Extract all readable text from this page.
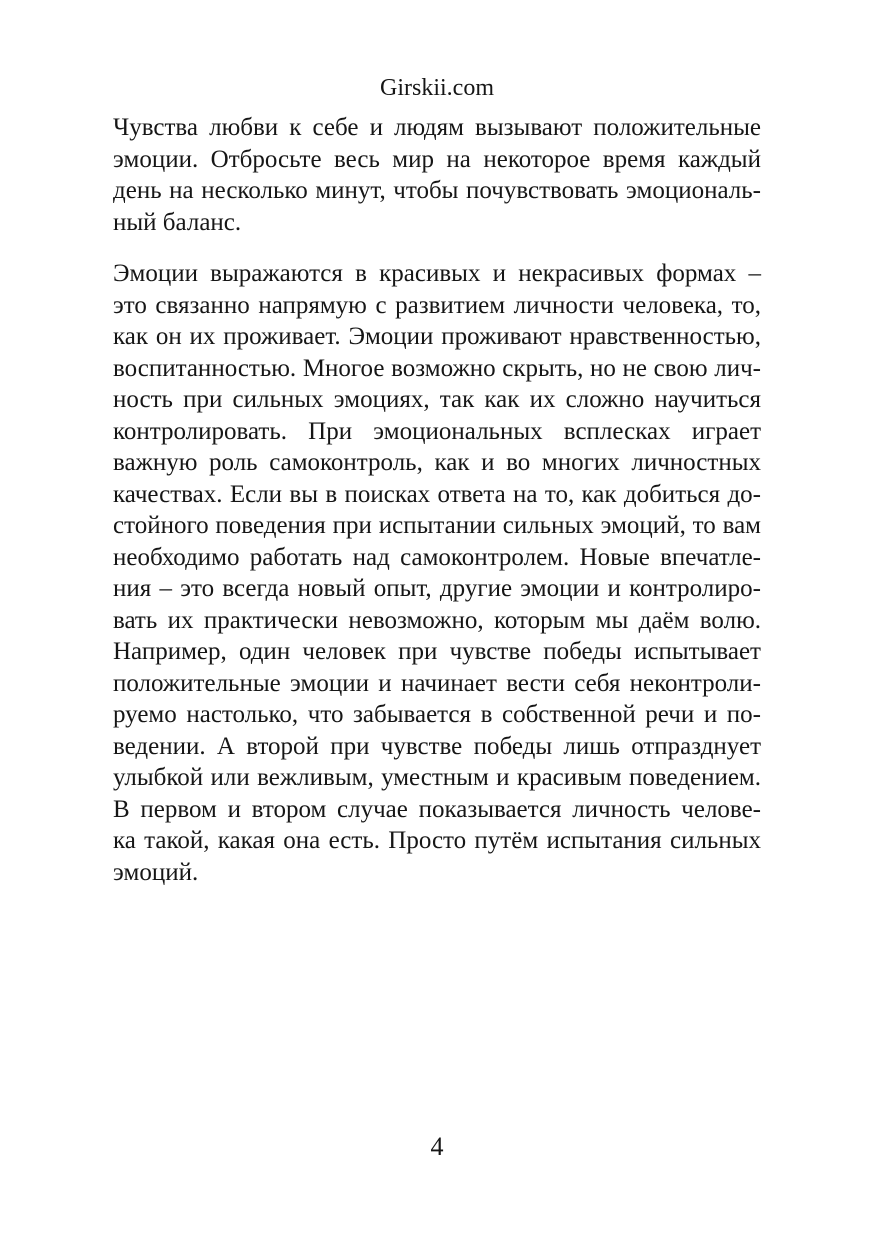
Girskii.com
Чувства любви к себе и людям вызывают положительные
эмоции. Отбросьте весь мир на некоторое время каждый
день на несколько минут, чтобы почувствовать эмоциональ-
ный баланс.
Эмоции выражаются в красивых и некрасивых формах –
это связанно напрямую с развитием личности человека, то,
как он их проживает. Эмоции проживают нравственностью,
воспитанностью. Многое возможно скрыть, но не свою лич-
ность при сильных эмоциях, так как их сложно научиться
контролировать. При эмоциональных всплесках играет
важную роль самоконтроль, как и во многих личностных
качествах. Если вы в поисках ответа на то, как добиться до-
стойного поведения при испытании сильных эмоций, то вам
необходимо работать над самоконтролем. Новые впечатле-
ния – это всегда новый опыт, другие эмоции и контролиро-
вать их практически невозможно, которым мы даём волю.
Например, один человек при чувстве победы испытывает
положительные эмоции и начинает вести себя неконтроли-
руемо настолько, что забывается в собственной речи и по-
ведении. А второй при чувстве победы лишь отпразднует
улыбкой или вежливым, уместным и красивым поведением.
В первом и втором случае показывается личность челове-
ка такой, какая она есть. Просто путём испытания сильных
эмоций.
4
